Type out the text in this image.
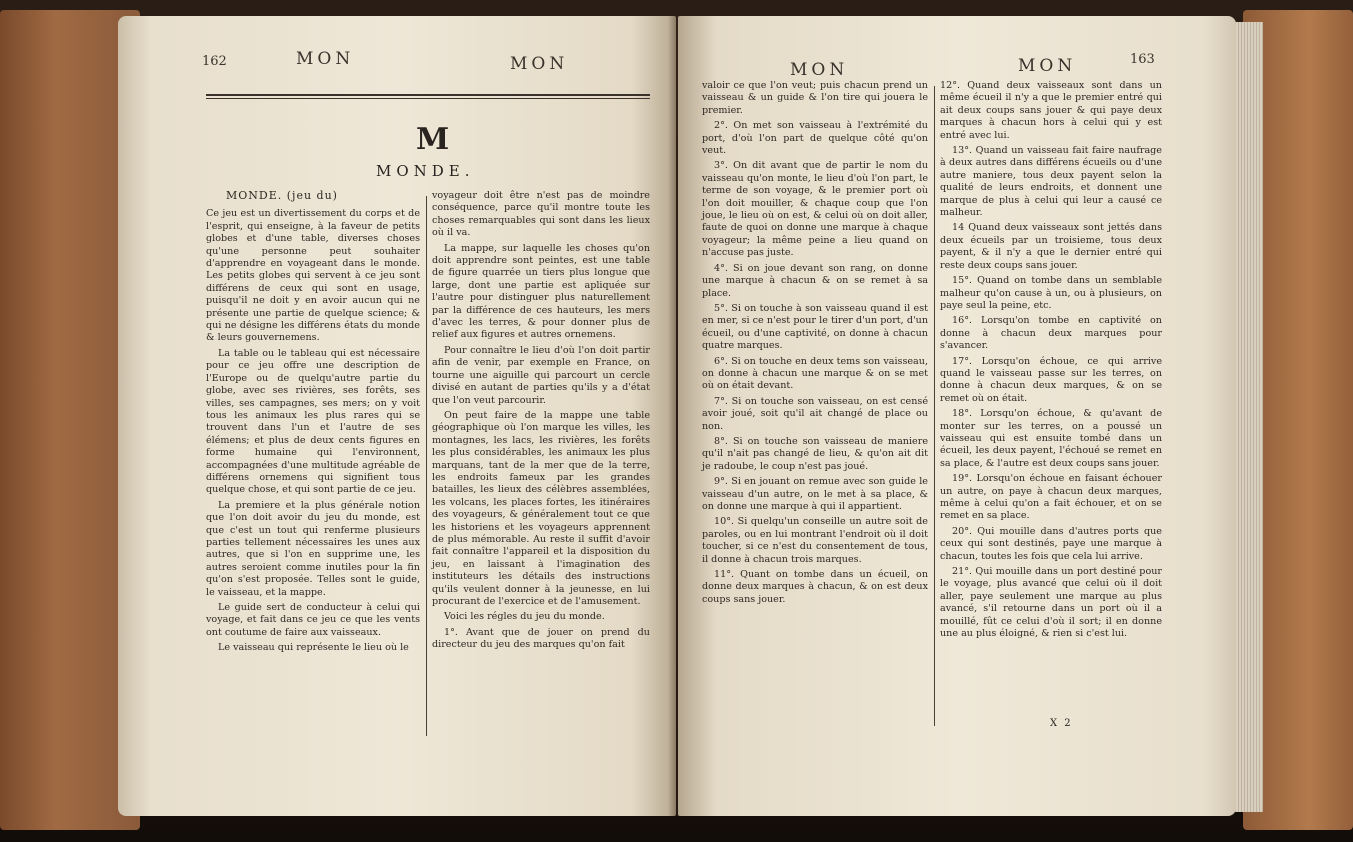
162	MON	MON
M
MONDE.

MONDE. (jeu du)

Ce jeu est un divertissement du corps et de l'esprit, qui enseigne, à la faveur de petits globes et d'une table, diverses choses qu'une personne peut souhaiter d'apprendre en voyageant dans le monde. Les petits globes qui servent à ce jeu sont différens de ceux qui sont en usage, puisqu'il ne doit y en avoir aucun qui ne présente une partie de quelque science; & qui ne désigne les différens états du monde & leurs gouvernemens.

La table ou le tableau qui est nécessaire pour ce jeu offre une description de l'Europe ou de quelqu'autre partie du globe, avec ses rivières, ses forêts, ses villes, ses campagnes, ses mers; on y voit tous les animaux les plus rares qui se trouvent dans l'un et l'autre de ses élémens; et plus de deux cents figures en forme humaine qui l'environnent, accompagnées d'une multitude agréable de différens ornemens qui signifient tous quelque chose, et qui sont partie de ce jeu.

La premiere et la plus générale notion que l'on doit avoir du jeu du monde, est que c'est un tout qui renferme plusieurs parties tellement nécessaires les unes aux autres, que si l'on en supprime une, les autres seroient comme inutiles pour la fin qu'on s'est proposée. Telles sont le guide, le vaisseau, et la mappe.

Le guide sert de conducteur à celui qui voyage, et fait dans ce jeu ce que les vents ont coutume de faire aux vaisseaux.

Le vaisseau qui représente le lieu où le

voyageur doit être n'est pas de moindre conséquence, parce qu'il montre toute les choses remarquables qui sont dans les lieux où il va.

La mappe, sur laquelle les choses qu'on doit apprendre sont peintes, est une table de figure quarrée un tiers plus longue que large, dont une partie est apliquée sur l'autre pour distinguer plus naturellement par la différence de ces hauteurs, les mers d'avec les terres, & pour donner plus de relief aux figures et autres ornemens.

Pour connaître le lieu d'où l'on doit partir afin de venir, par exemple en France, on tourne une aiguille qui parcourt un cercle divisé en autant de parties qu'ils y a d'état que l'on veut parcourir.

On peut faire de la mappe une table géographique où l'on marque les villes, les montagnes, les lacs, les rivières, les forêts les plus considérables, les animaux les plus marquans, tant de la mer que de la terre, les endroits fameux par les grandes batailles, les lieux des célèbres assemblées, les volcans, les places fortes, les itinéraires des voyageurs, & généralement tout ce que les historiens et les voyageurs apprennent de plus mémorable. Au reste il suffit d'avoir fait connaître l'appareil et la disposition du jeu, en laissant à l'imagination des instituteurs les détails des instructions qu'ils veulent donner à la jeunesse, en lui procurant de l'exercice et de l'amusement.

Voici les régles du jeu du monde.

1°. Avant que de jouer on prend du directeur du jeu des marques qu'on fait

MON	MON	163

valoir ce que l'on veut; puis chacun prend un vaisseau & un guide & l'on tire qui jouera le premier.

2°. On met son vaisseau à l'extrémité du port, d'où l'on part de quelque côté qu'on veut.

3°. On dit avant que de partir le nom du vaisseau qu'on monte, le lieu d'où l'on part, le terme de son voyage, & le premier port où l'on doit mouiller, & chaque coup que l'on joue, le lieu où on est, & celui où on doit aller, faute de quoi on donne une marque à chaque voyageur; la même peine a lieu quand on n'accuse pas juste.

4°. Si on joue devant son rang, on donne une marque à chacun & on se remet à sa place.

5°. Si on touche à son vaisseau quand il est en mer, si ce n'est pour le tirer d'un port, d'un écueil, ou d'une captivité, on donne à chacun quatre marques.

6°. Si on touche en deux tems son vaisseau, on donne à chacun une marque & on se met où on était devant.

7°. Si on touche son vaisseau, on est censé avoir joué, soit qu'il ait changé de place ou non.

8°. Si on touche son vaisseau de maniere qu'il n'ait pas changé de lieu, & qu'on ait dit je radoube, le coup n'est pas joué.

9°. Si en jouant on remue avec son guide le vaisseau d'un autre, on le met à sa place, & on donne une marque à qui il appartient.

10°. Si quelqu'un conseille un autre soit de paroles, ou en lui montrant l'endroit où il doit toucher, si ce n'est du consentement de tous, il donne à chacun trois marques.

11°. Quant on tombe dans un écueil, on donne deux marques à chacun, & on est deux coups sans jouer.

12°. Quand deux vaisseaux sont dans un même écueil il n'y a que le premier entré qui ait deux coups sans jouer & qui paye deux marques à chacun hors à celui qui y est entré avec lui.

13°. Quand un vaisseau fait faire naufrage à deux autres dans différens écueils ou d'une autre maniere, tous deux payent selon la qualité de leurs endroits, et donnent une marque de plus à celui qui leur a causé ce malheur.

14 Quand deux vaisseaux sont jettés dans deux écueils par un troisieme, tous deux payent, & il n'y a que le dernier entré qui reste deux coups sans jouer.

15°. Quand on tombe dans un semblable malheur qu'on cause à un, ou à plusieurs, on paye seul la peine, etc.

16°. Lorsqu'on tombe en captivité on donne à chacun deux marques pour s'avancer.

17°. Lorsqu'on échoue, ce qui arrive quand le vaisseau passe sur les terres, on donne à chacun deux marques, & on se remet où on était.

18°. Lorsqu'on échoue, & qu'avant de monter sur les terres, on a poussé un vaisseau qui est ensuite tombé dans un écueil, les deux payent, l'échoué se remet en sa place, & l'autre est deux coups sans jouer.

19°. Lorsqu'on échoue en faisant échouer un autre, on paye à chacun deux marques, même à celui qu'on a fait échouer, et on se remet en sa place.

20°. Qui mouille dans d'autres ports que ceux qui sont destinés, paye une marque à chacun, toutes les fois que cela lui arrive.

21°. Qui mouille dans un port destiné pour le voyage, plus avancé que celui où il doit aller, paye seulement une marque au plus avancé, s'il retourne dans un port où il a mouillé, fût ce celui d'où il sort; il en donne une au plus éloigné, & rien si c'est lui.

X 2
